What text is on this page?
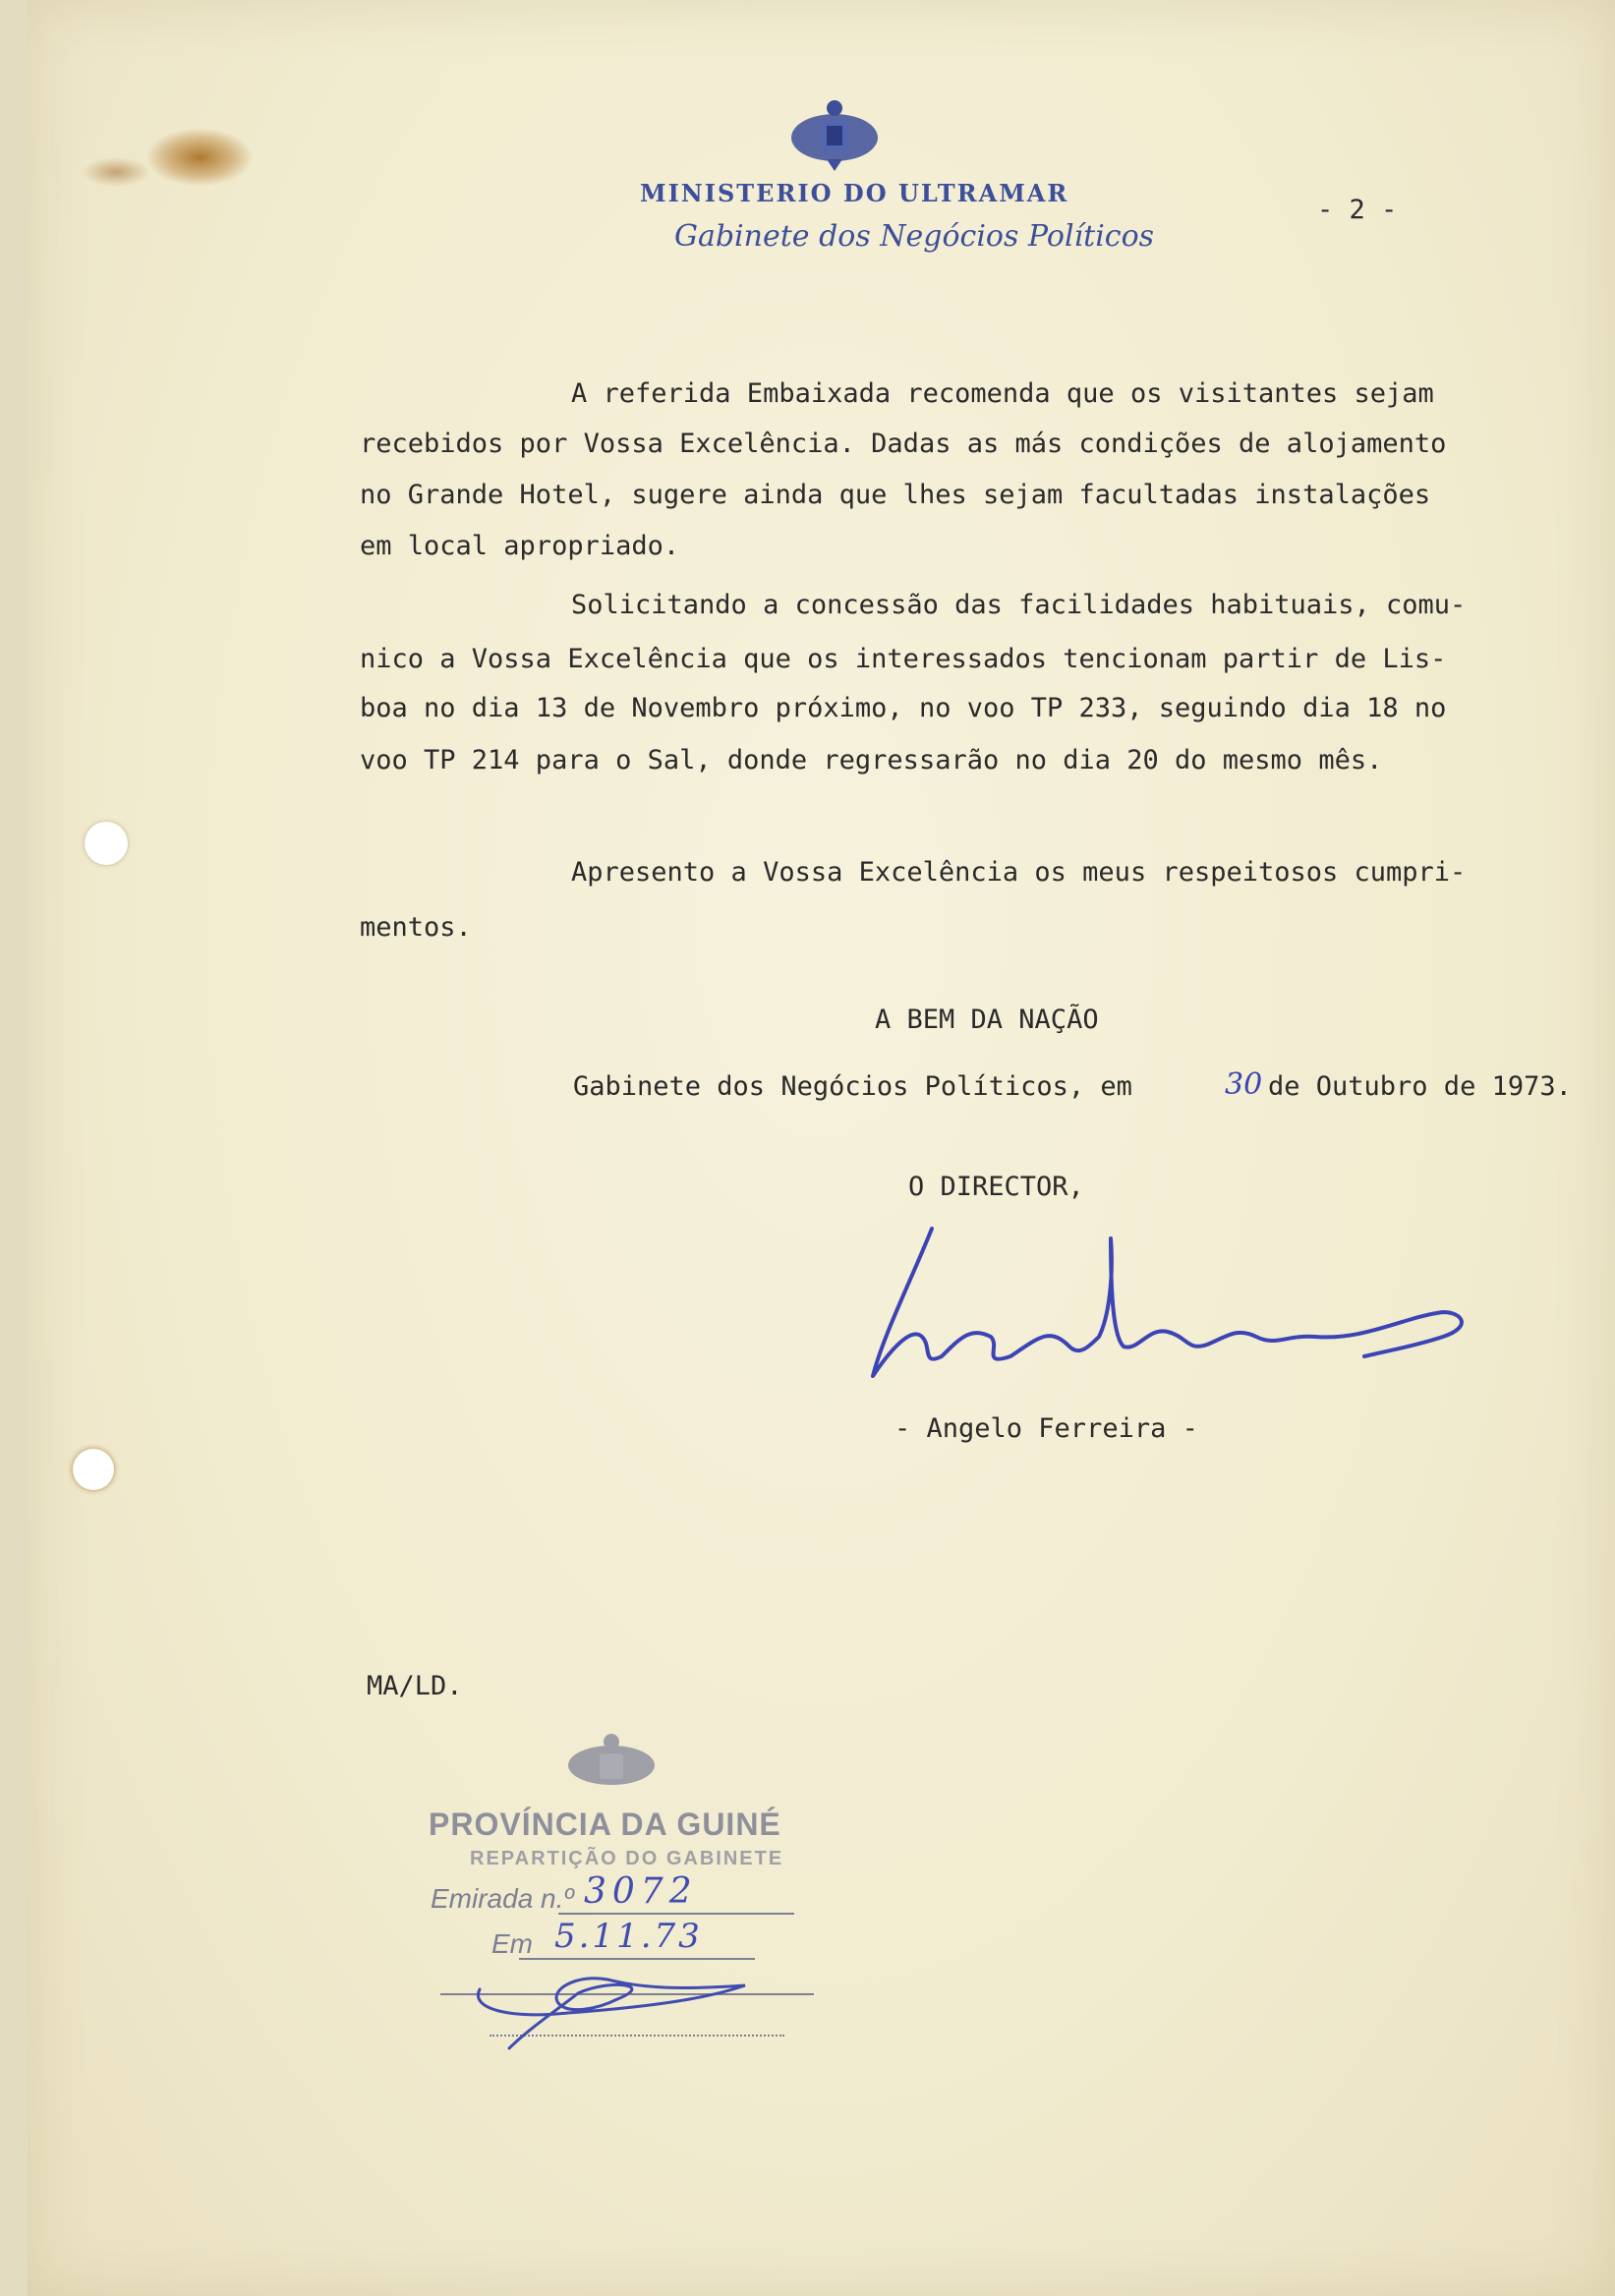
MINISTERIO DO ULTRAMAR
Gabinete dos Negócios Políticos
- 2 -
A referida Embaixada recomenda que os visitantes sejam
recebidos por Vossa Excelência. Dadas as más condições de alojamento
no Grande Hotel, sugere ainda que lhes sejam facultadas instalações
em local apropriado.
Solicitando a concessão das facilidades habituais, comu-
nico a Vossa Excelência que os interessados tencionam partir de Lis-
boa no dia 13 de Novembro próximo, no voo TP 233, seguindo dia 18 no
voo TP 214 para o Sal, donde regressarão no dia 20 do mesmo mês.
Apresento a Vossa Excelência os meus respeitosos cumpri-
mentos.
A BEM DA NAÇÃO
Gabinete dos Negócios Políticos, em	30 de Outubro de 1973.
O DIRECTOR,
- Angelo Ferreira -
MA/LD.
PROVÍNCIA DA GUINÉ
REPARTIÇÃO DO GABINETE
Emirada n.º 3072
Em 5.11.73
